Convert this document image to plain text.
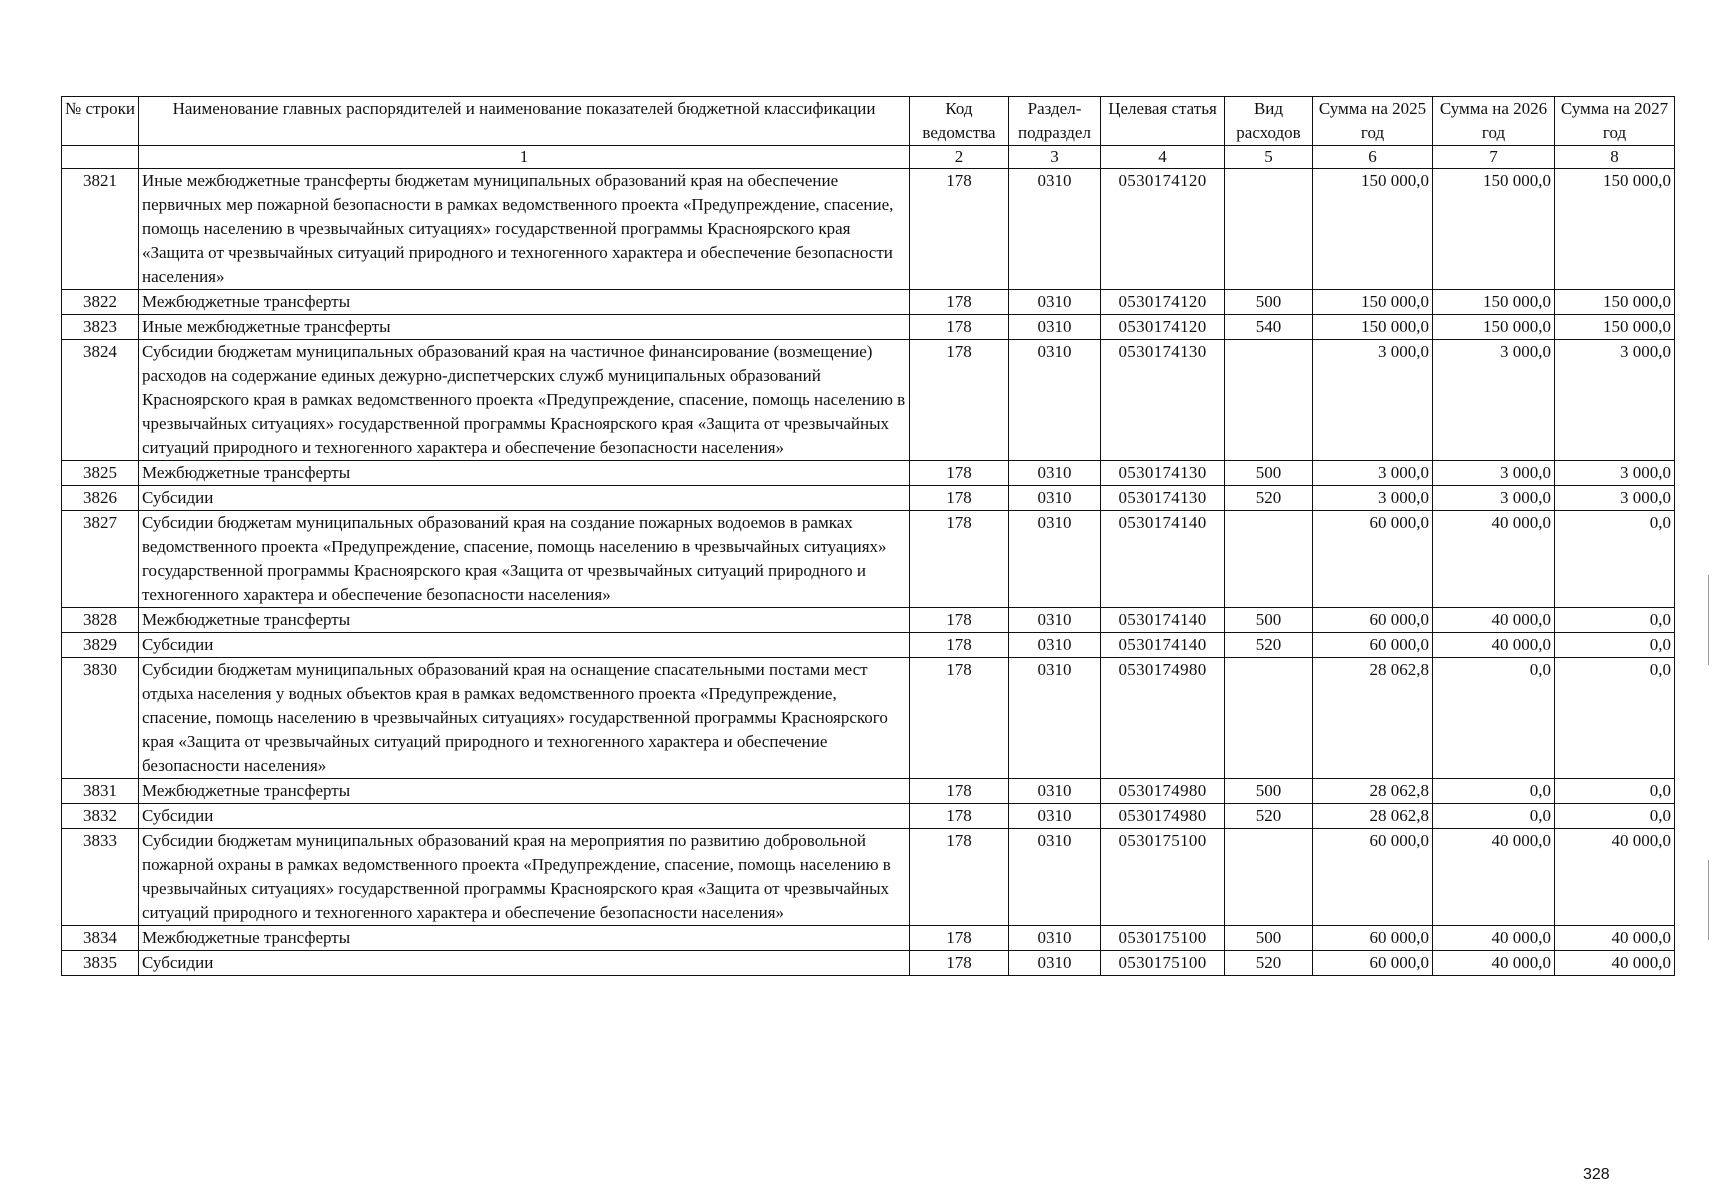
№ строки	Наименование главных распорядителей и наименование показателей бюджетной классификации	Код ведомства	Раздел-подраздел	Целевая статья	Вид расходов	Сумма на 2025 год	Сумма на 2026 год	Сумма на 2027 год
	1	2	3	4	5	6	7	8
3821	Иные межбюджетные трансферты бюджетам муниципальных образований края на обеспечение первичных мер пожарной безопасности в рамках ведомственного проекта «Предупреждение, спасение, помощь населению в чрезвычайных ситуациях» государственной программы Красноярского края «Защита от чрезвычайных ситуаций природного и техногенного характера и обеспечение безопасности населения»	178	0310	0530174120		150 000,0	150 000,0	150 000,0
3822	Межбюджетные трансферты	178	0310	0530174120	500	150 000,0	150 000,0	150 000,0
3823	Иные межбюджетные трансферты	178	0310	0530174120	540	150 000,0	150 000,0	150 000,0
3824	Субсидии бюджетам муниципальных образований края на частичное финансирование (возмещение) расходов на содержание единых дежурно-диспетчерских служб муниципальных образований Красноярского края в рамках ведомственного проекта «Предупреждение, спасение, помощь населению в чрезвычайных ситуациях» государственной программы Красноярского края «Защита от чрезвычайных ситуаций природного и техногенного характера и обеспечение безопасности населения»	178	0310	0530174130		3 000,0	3 000,0	3 000,0
3825	Межбюджетные трансферты	178	0310	0530174130	500	3 000,0	3 000,0	3 000,0
3826	Субсидии	178	0310	0530174130	520	3 000,0	3 000,0	3 000,0
3827	Субсидии бюджетам муниципальных образований края на создание пожарных водоемов в рамках ведомственного проекта «Предупреждение, спасение, помощь населению в чрезвычайных ситуациях» государственной программы Красноярского края «Защита от чрезвычайных ситуаций природного и техногенного характера и обеспечение безопасности населения»	178	0310	0530174140		60 000,0	40 000,0	0,0
3828	Межбюджетные трансферты	178	0310	0530174140	500	60 000,0	40 000,0	0,0
3829	Субсидии	178	0310	0530174140	520	60 000,0	40 000,0	0,0
3830	Субсидии бюджетам муниципальных образований края на оснащение спасательными постами мест отдыха населения у водных объектов края в рамках ведомственного проекта «Предупреждение, спасение, помощь населению в чрезвычайных ситуациях» государственной программы Красноярского края «Защита от чрезвычайных ситуаций природного и техногенного характера и обеспечение безопасности населения»	178	0310	0530174980		28 062,8	0,0	0,0
3831	Межбюджетные трансферты	178	0310	0530174980	500	28 062,8	0,0	0,0
3832	Субсидии	178	0310	0530174980	520	28 062,8	0,0	0,0
3833	Субсидии бюджетам муниципальных образований края на мероприятия по развитию добровольной пожарной охраны в рамках ведомственного проекта «Предупреждение, спасение, помощь населению в чрезвычайных ситуациях» государственной программы Красноярского края «Защита от чрезвычайных ситуаций природного и техногенного характера и обеспечение безопасности населения»	178	0310	0530175100		60 000,0	40 000,0	40 000,0
3834	Межбюджетные трансферты	178	0310	0530175100	500	60 000,0	40 000,0	40 000,0
3835	Субсидии	178	0310	0530175100	520	60 000,0	40 000,0	40 000,0
328
